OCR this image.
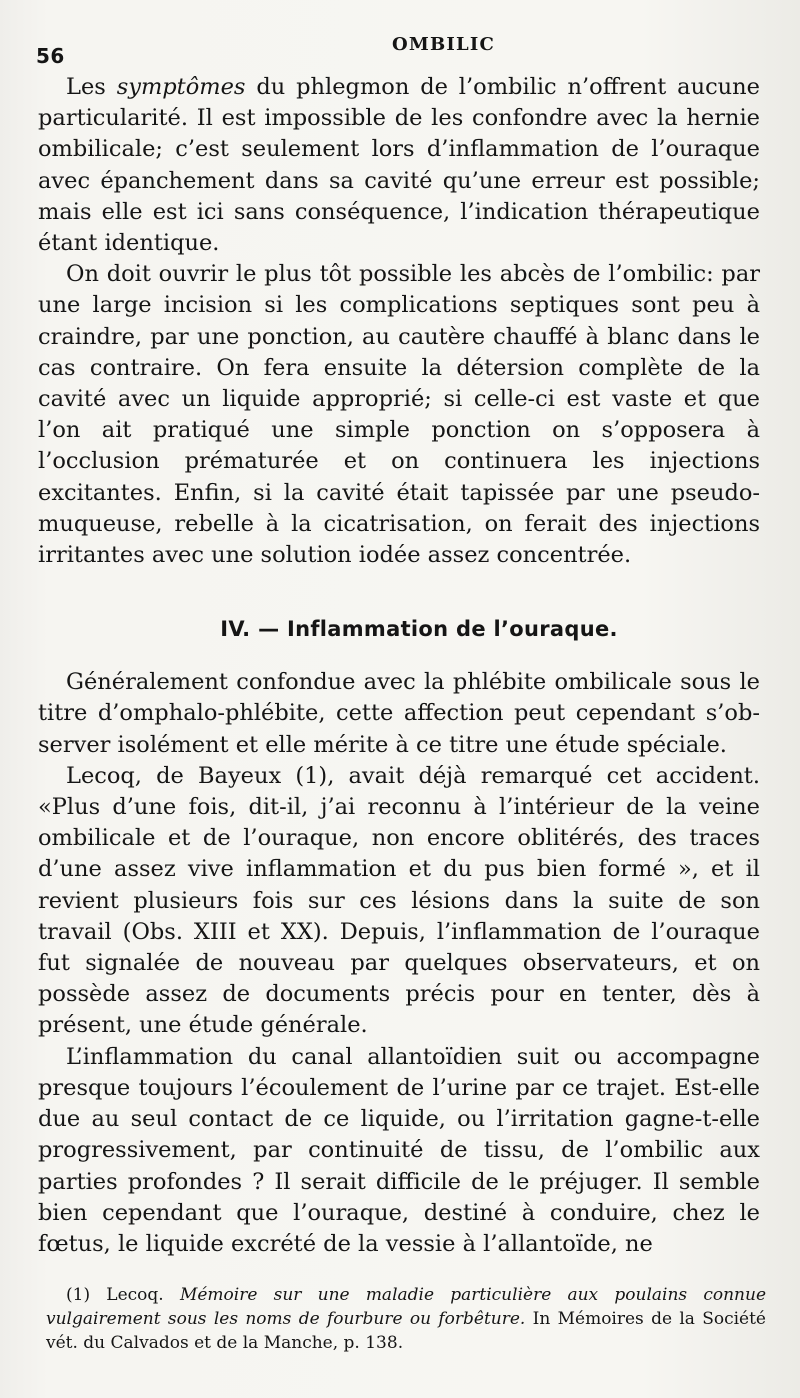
56	OMBILIC

Les symptômes du phlegmon de l’ombilic n’offrent aucune particularité. Il est impossible de les confondre avec la hernie ombilicale; c’est seulement lors d’inflammation de l’ouraque avec épanchement dans sa cavité qu’une erreur est possible; mais elle est ici sans conséquence, l’indication thérapeutique étant identique.

On doit ouvrir le plus tôt possible les abcès de l’ombilic: par une large incision si les complications septiques sont peu à craindre, par une ponction, au cautère chauffé à blanc dans le cas contraire. On fera ensuite la détersion complète de la cavité avec un liquide approprié; si celle-ci est vaste et que l’on ait pratiqué une simple ponction on s’opposera à l’occlusion prématurée et on continuera les injections excitantes. Enfin, si la cavité était tapissée par une pseudo-muqueuse, rebelle à la cicatrisation, on ferait des injections irritantes avec une solution iodée assez concentrée.

IV. — Inflammation de l’ouraque.

Généralement confondue avec la phlébite ombilicale sous le titre d’omphalo-phlébite, cette affection peut cependant s’observer isolément et elle mérite à ce titre une étude spéciale.

Lecoq, de Bayeux (1), avait déjà remarqué cet accident. «Plus d’une fois, dit-il, j’ai reconnu à l’intérieur de la veine ombilicale et de l’ouraque, non encore oblitérés, des traces d’une assez vive inflammation et du pus bien formé », et il revient plusieurs fois sur ces lésions dans la suite de son travail (Obs. XIII et XX). Depuis, l’inflammation de l’ouraque fut signalée de nouveau par quelques observateurs, et on possède assez de documents précis pour en tenter, dès à présent, une étude générale.

L’inflammation du canal allantoïdien suit ou accompagne presque toujours l’écoulement de l’urine par ce trajet. Est-elle due au seul contact de ce liquide, ou l’irritation gagne-t-elle progressivement, par continuité de tissu, de l’ombilic aux parties profondes ? Il serait difficile de le préjuger. Il semble bien cependant que l’ouraque, destiné à conduire, chez le fœtus, le liquide excrété de la vessie à l’allantoïde, ne

(1) Lecoq. Mémoire sur une maladie particulière aux poulains connue vulgairement sous les noms de fourbure ou forbêture. In Mémoires de la Société vét. du Calvados et de la Manche, p. 138.
